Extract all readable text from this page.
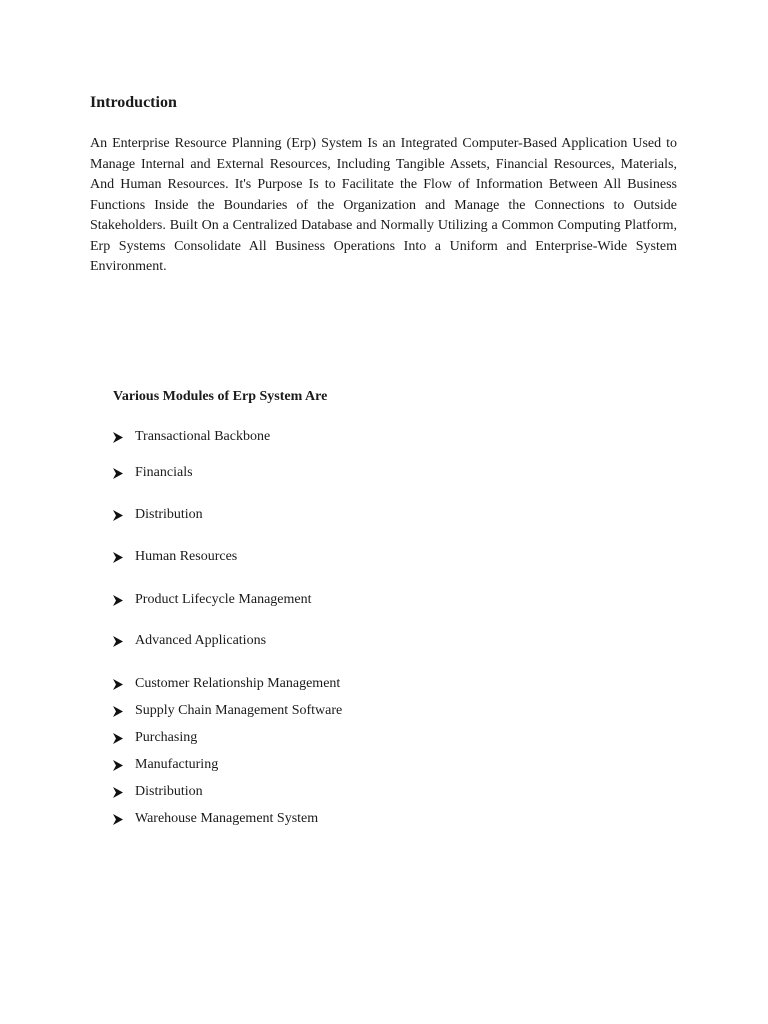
Introduction

An Enterprise Resource Planning (Erp) System Is an Integrated Computer-Based Application Used to Manage Internal and External Resources, Including Tangible Assets, Financial Resources, Materials, And Human Resources. It's Purpose Is to Facilitate the Flow of Information Between All Business Functions Inside the Boundaries of the Organization and Manage the Connections to Outside Stakeholders. Built On a Centralized Database and Normally Utilizing a Common Computing Platform, Erp Systems Consolidate All Business Operations Into a Uniform and Enterprise-Wide System Environment.

Various Modules of Erp System Are
Transactional Backbone
Financials
Distribution
Human Resources
Product Lifecycle Management
Advanced Applications
Customer Relationship Management
Supply Chain Management Software
Purchasing
Manufacturing
Distribution
Warehouse Management System
